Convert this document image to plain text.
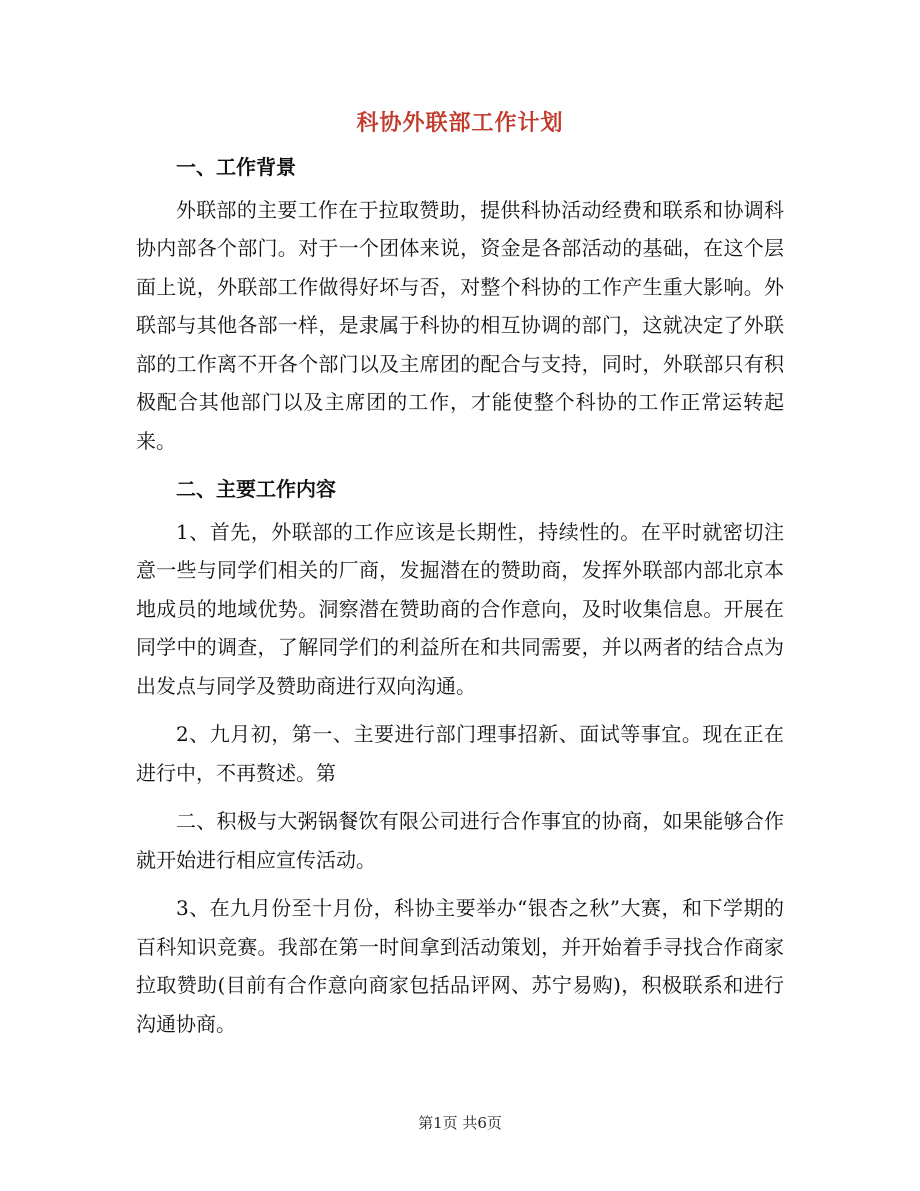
科协外联部工作计划

一、工作背景

外联部的主要工作在于拉取赞助，提供科协活动经费和联系和协调科协内部各个部门。对于一个团体来说，资金是各部活动的基础，在这个层面上说，外联部工作做得好坏与否，对整个科协的工作产生重大影响。外联部与其他各部一样，是隶属于科协的相互协调的部门，这就决定了外联部的工作离不开各个部门以及主席团的配合与支持，同时，外联部只有积极配合其他部门以及主席团的工作，才能使整个科协的工作正常运转起来。

二、主要工作内容

1、首先，外联部的工作应该是长期性，持续性的。在平时就密切注意一些与同学们相关的厂商，发掘潜在的赞助商，发挥外联部内部北京本地成员的地域优势。洞察潜在赞助商的合作意向，及时收集信息。开展在同学中的调查，了解同学们的利益所在和共同需要，并以两者的结合点为出发点与同学及赞助商进行双向沟通。

2、九月初，第一、主要进行部门理事招新、面试等事宜。现在正在进行中，不再赘述。第

二、积极与大粥锅餐饮有限公司进行合作事宜的协商，如果能够合作就开始进行相应宣传活动。

3、在九月份至十月份，科协主要举办“银杏之秋”大赛，和下学期的百科知识竞赛。我部在第一时间拿到活动策划，并开始着手寻找合作商家拉取赞助(目前有合作意向商家包括品评网、苏宁易购)，积极联系和进行沟通协商。

第1页 共6页
